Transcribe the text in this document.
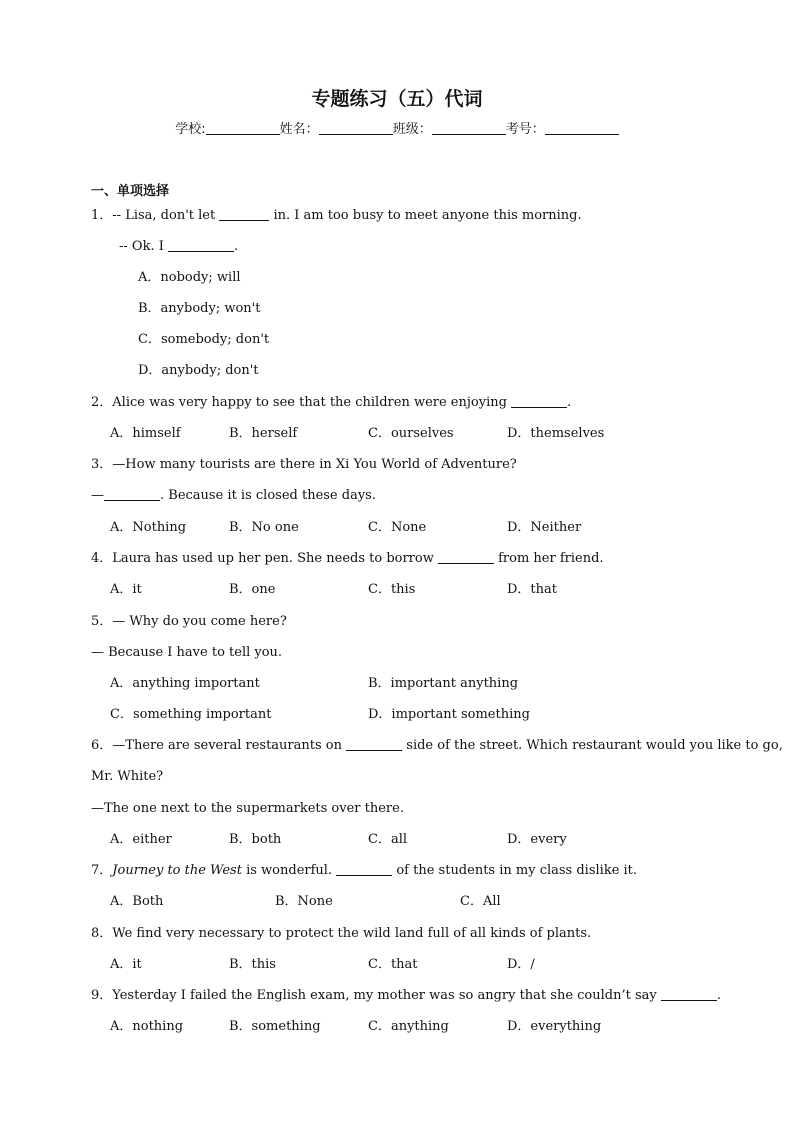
专题练习（五）代词
学校:	姓名：	班级：	考号：
一、单项选择
1．-- Lisa, don't let	in. I am too busy to meet anyone this morning.
-- Ok. I	.
A．nobody; will
B．anybody; won't
C．somebody; don't
D．anybody; don't
2．Alice was very happy to see that the children were enjoying	.
A．himself	B．herself	C．ourselves	D．themselves
3．—How many tourists are there in Xi You World of Adventure?
—	. Because it is closed these days.
A．Nothing	B．No one	C．None	D．Neither
4．Laura has used up her pen. She needs to borrow	from her friend.
A．it	B．one	C．this	D．that
5．— Why do you come here?
— Because I have to tell you.
A．anything important	B．important anything
C．something important	D．important something
6．—There are several restaurants on	side of the street. Which restaurant would you like to go,
Mr. White?
—The one next to the supermarkets over there.
A．either	B．both	C．all	D．every
7．Journey to the West is wonderful.	of the students in my class dislike it.
A．Both	B．None	C．All
8．We find very necessary to protect the wild land full of all kinds of plants.
A．it	B．this	C．that	D．/
9．Yesterday I failed the English exam, my mother was so angry that she couldn’t say	.
A．nothing	B．something	C．anything	D．everything
